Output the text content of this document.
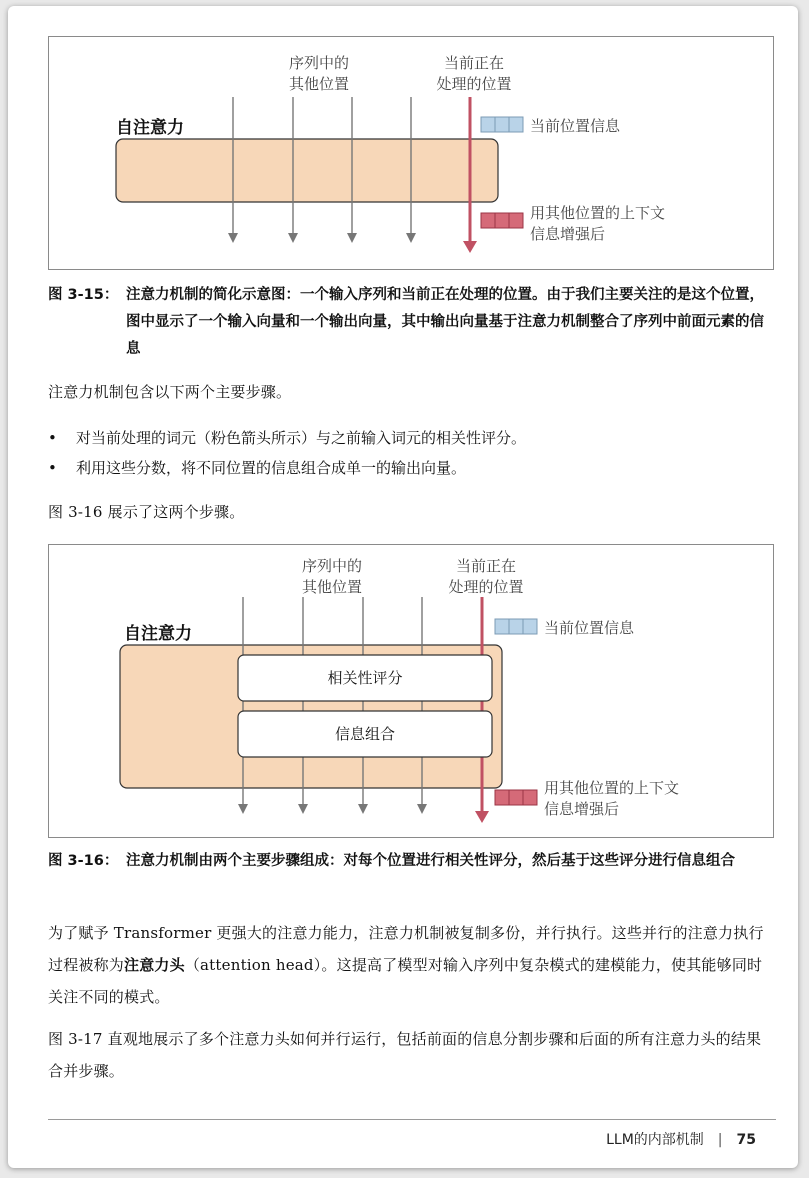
序列中的
其他位置
当前正在
处理的位置
自注意力	当前位置信息
用其他位置的上下文
信息增强后
图 3-15： 注意力机制的简化示意图：一个输入序列和当前正在处理的位置。由于我们主要关注的是这个位置，图中显示了一个输入向量和一个输出向量，其中输出向量基于注意力机制整合了序列中前面元素的信息
注意力机制包含以下两个主要步骤。
• 对当前处理的词元（粉色箭头所示）与之前输入词元的相关性评分。
• 利用这些分数，将不同位置的信息组合成单一的输出向量。
图 3-16 展示了这两个步骤。
相关性评分
信息组合
序列中的
其他位置
当前正在
处理的位置
自注意力	当前位置信息
用其他位置的上下文
信息增强后
图 3-16： 注意力机制由两个主要步骤组成：对每个位置进行相关性评分，然后基于这些评分进行信息组合
为了赋予 Transformer 更强大的注意力能力，注意力机制被复制多份，并行执行。这些并行的注意力执行过程被称为注意力头（attention head）。这提高了模型对输入序列中复杂模式的建模能力，使其能够同时关注不同的模式。
图 3-17 直观地展示了多个注意力头如何并行运行，包括前面的信息分割步骤和后面的所有注意力头的结果合并步骤。
LLM的内部机制 | 75
